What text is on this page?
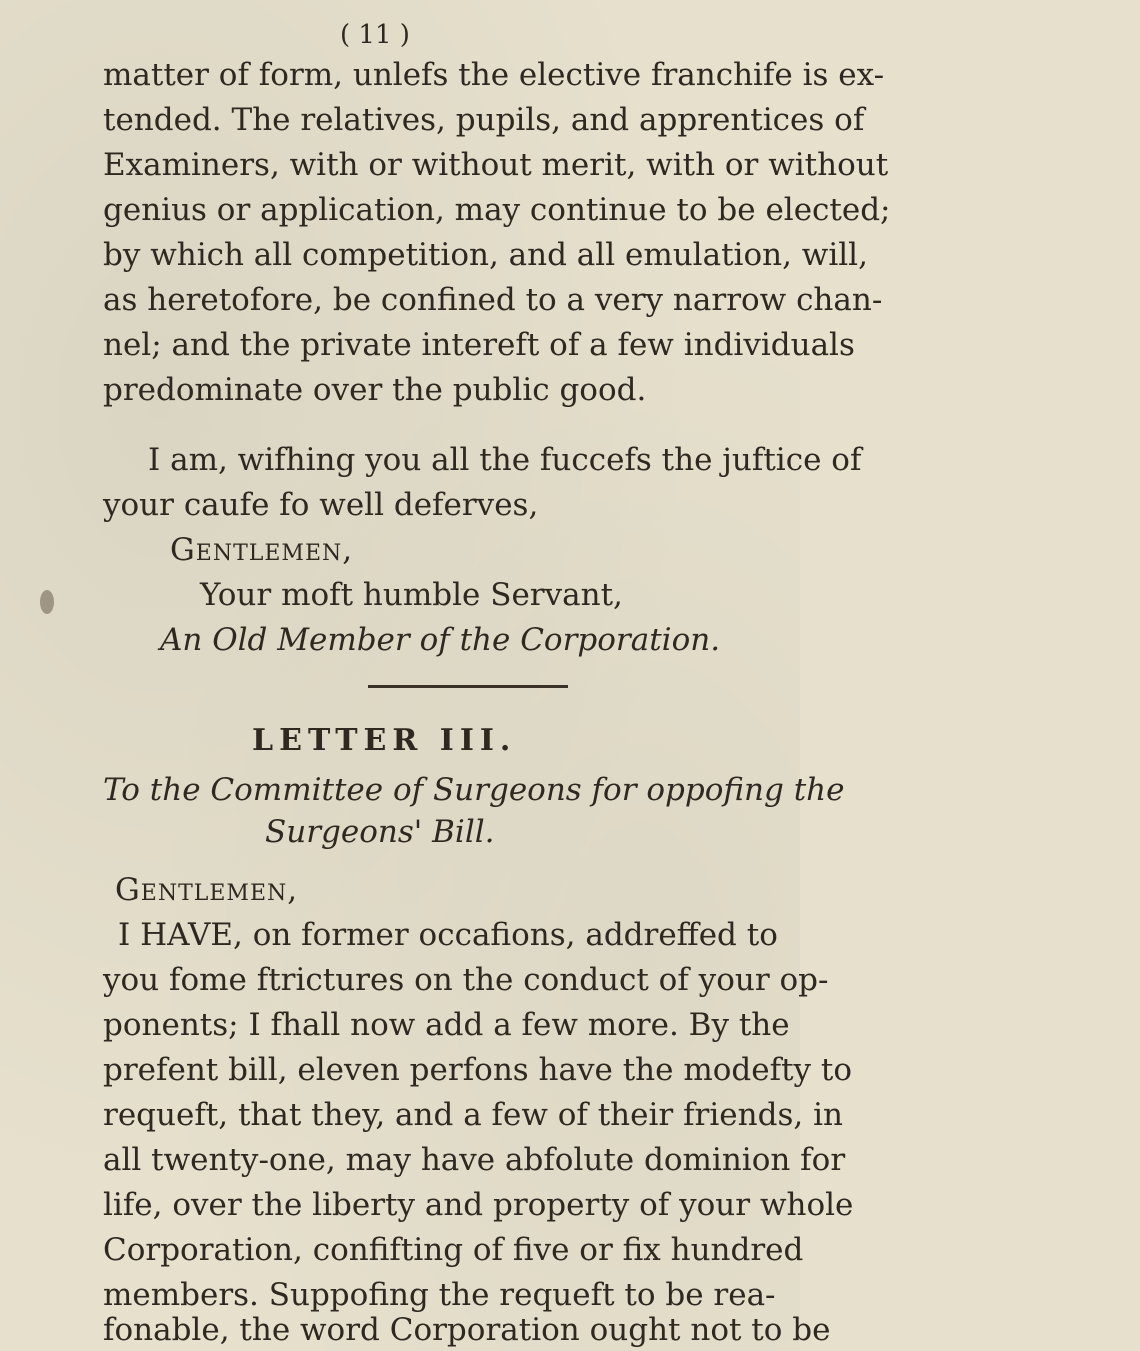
( 11 )
matter of form, unlefs the elective franchife is ex-
tended. The relatives, pupils, and apprentices of
Examiners, with or without merit, with or without
genius or application, may continue to be elected;
by which all competition, and all emulation, will,
as heretofore, be confined to a very narrow chan-
nel; and the private intereft of a few individuals
predominate over the public good.
I am, wifhing you all the fuccefs the juftice of
your caufe fo well deferves,
Gentlemen,
Your moft humble Servant,
An Old Member of the Corporation.
LETTER III.
To the Committee of Surgeons for oppofing the
Surgeons' Bill.
Gentlemen,
I HAVE, on former occafions, addreffed to
you fome ftrictures on the conduct of your op-
ponents; I fhall now add a few more. By the
prefent bill, eleven perfons have the modefty to
requeft, that they, and a few of their friends, in
all twenty-one, may have abfolute dominion for
life, over the liberty and property of your whole
Corporation, confifting of five or fix hundred
members. Suppofing the requeft to be rea-
fonable, the word Corporation ought not to be
